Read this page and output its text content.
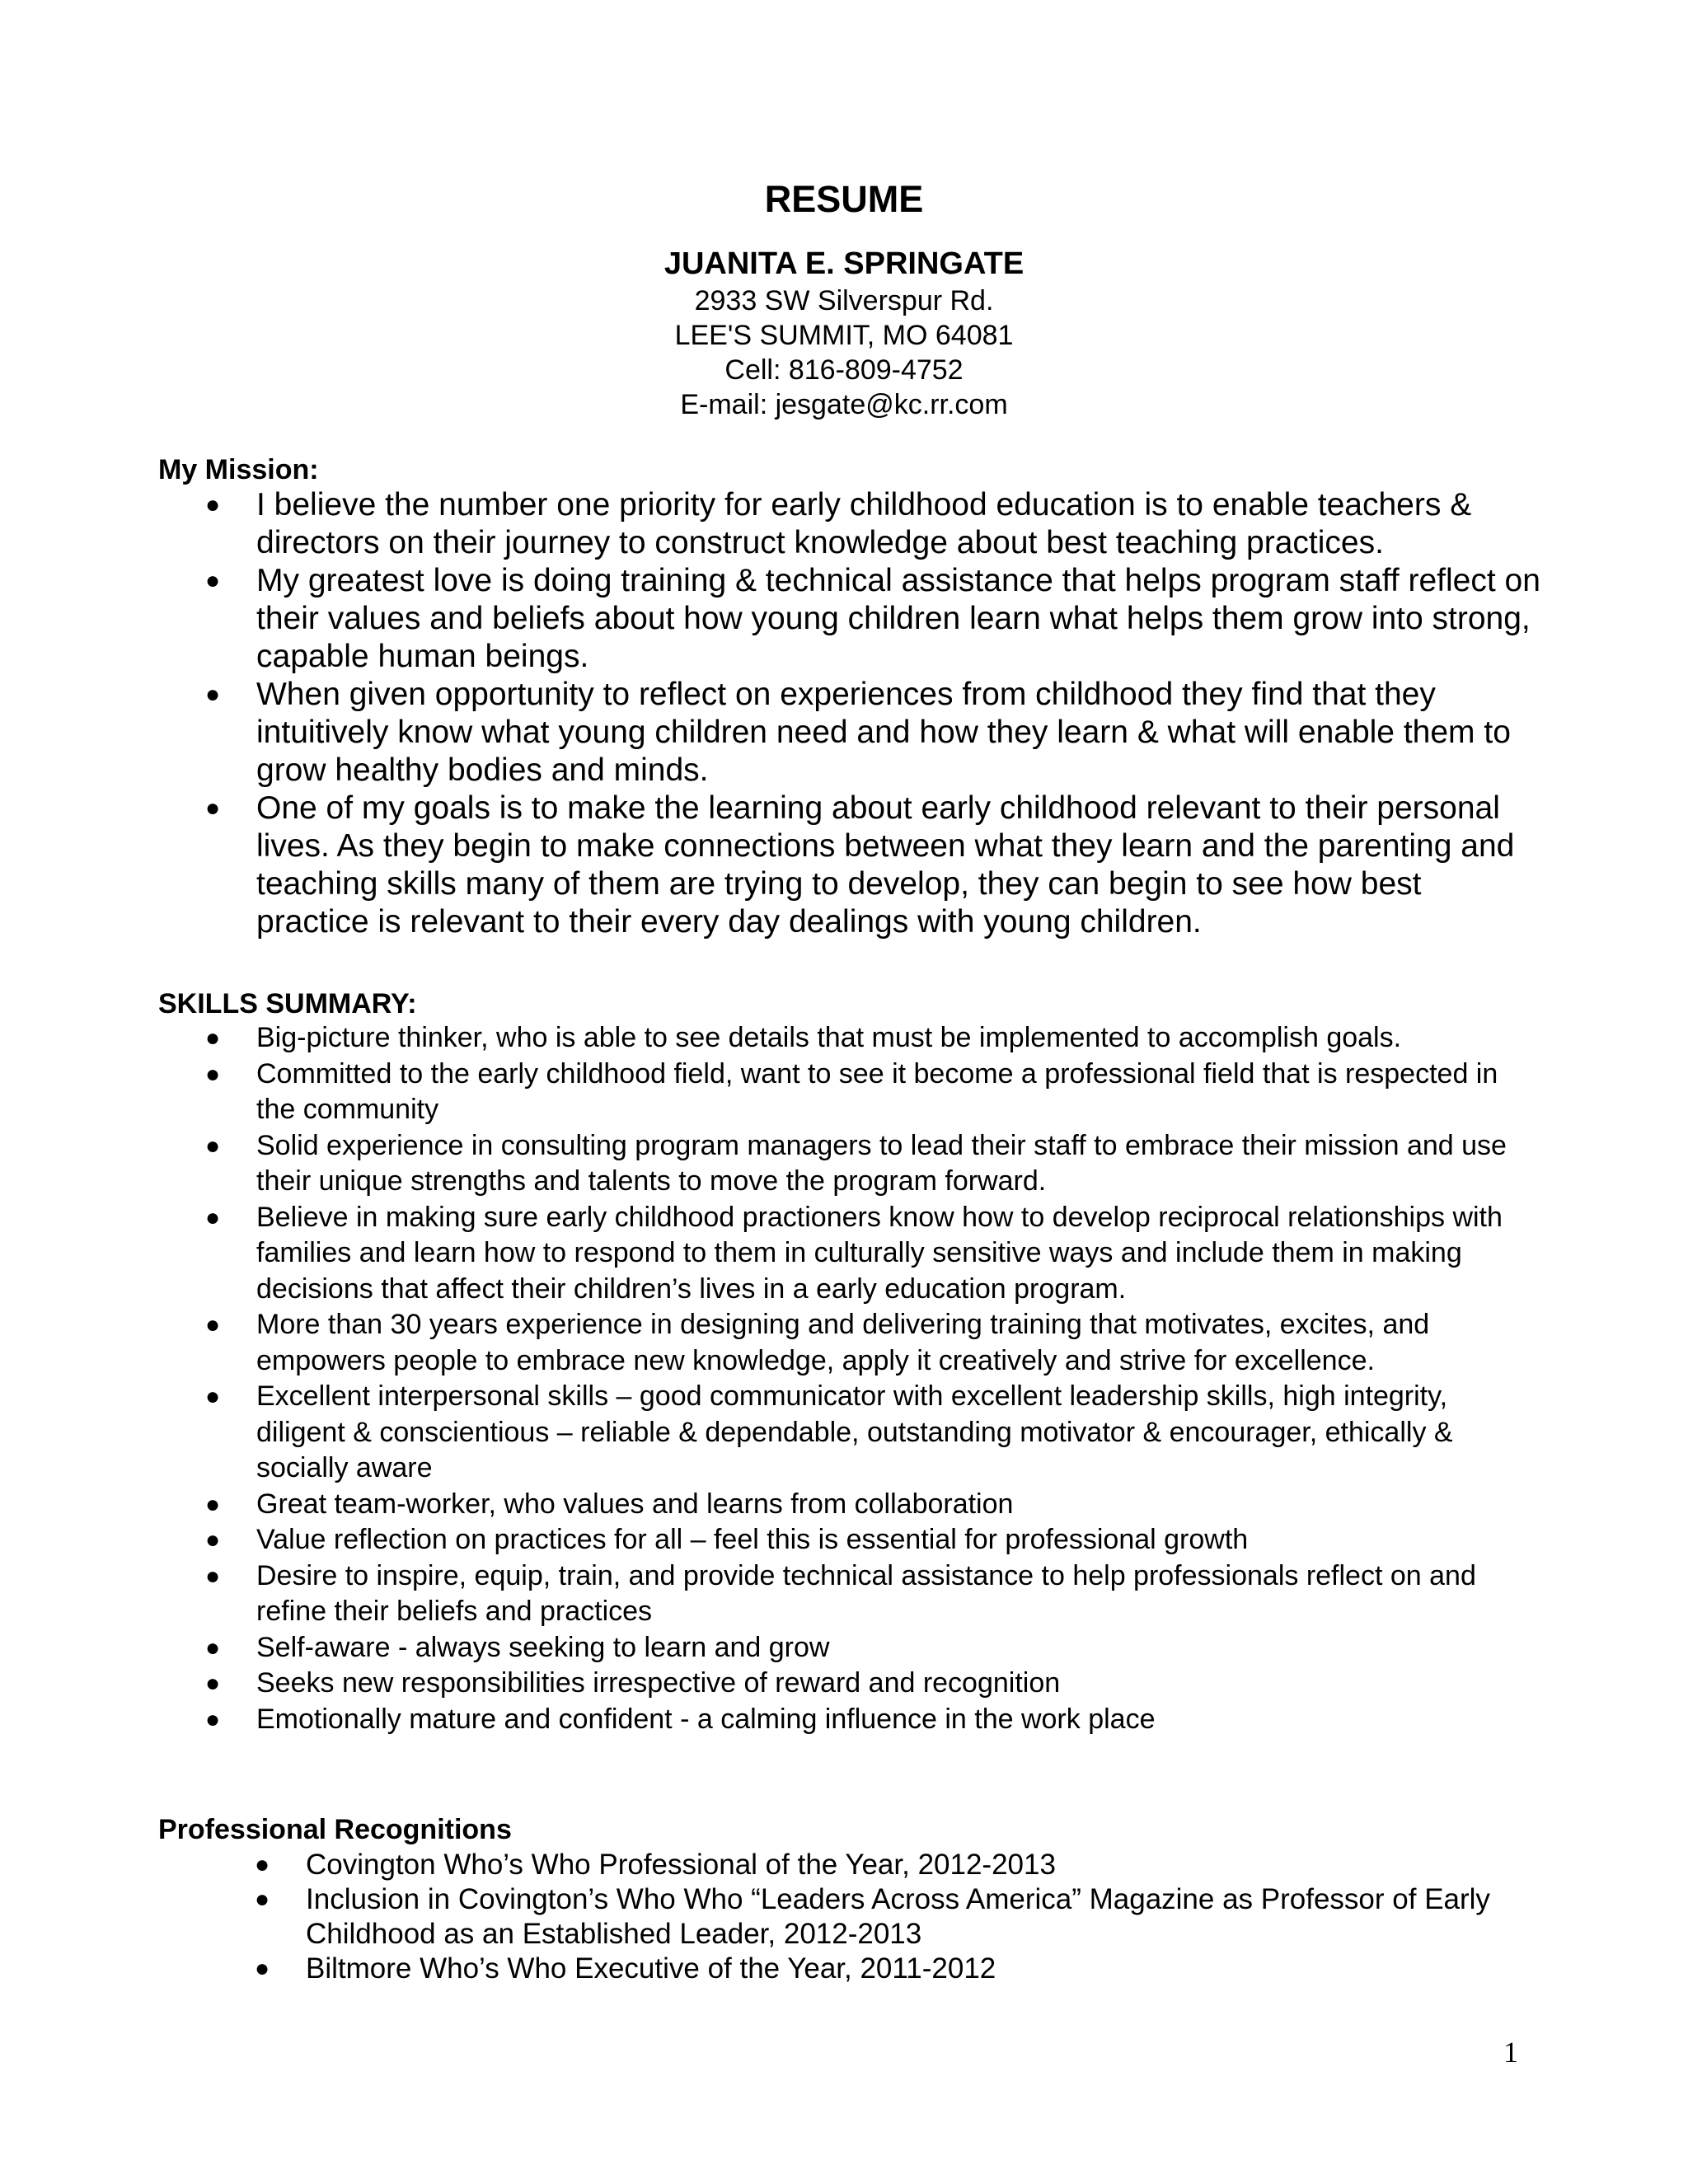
RESUME
JUANITA E. SPRINGATE
2933 SW Silverspur Rd.
LEE'S SUMMIT, MO 64081
Cell: 816-809-4752
E-mail: jesgate@kc.rr.com
My Mission:
● I believe the number one priority for early childhood education is to enable teachers & directors on their journey to construct knowledge about best teaching practices.
● My greatest love is doing training & technical assistance that helps program staff reflect on their values and beliefs about how young children learn what helps them grow into strong, capable human beings.
● When given opportunity to reflect on experiences from childhood they find that they intuitively know what young children need and how they learn & what will enable them to grow healthy bodies and minds.
● One of my goals is to make the learning about early childhood relevant to their personal lives. As they begin to make connections between what they learn and the parenting and teaching skills many of them are trying to develop, they can begin to see how best practice is relevant to their every day dealings with young children.
SKILLS SUMMARY:
● Big-picture thinker, who is able to see details that must be implemented to accomplish goals.
● Committed to the early childhood field, want to see it become a professional field that is respected in the community
● Solid experience in consulting program managers to lead their staff to embrace their mission and use their unique strengths and talents to move the program forward.
● Believe in making sure early childhood practioners know how to develop reciprocal relationships with families and learn how to respond to them in culturally sensitive ways and include them in making decisions that affect their children’s lives in a early education program.
● More than 30 years experience in designing and delivering training that motivates, excites, and empowers people to embrace new knowledge, apply it creatively and strive for excellence.
● Excellent interpersonal skills – good communicator with excellent leadership skills, high integrity, diligent & conscientious – reliable & dependable, outstanding motivator & encourager, ethically & socially aware
● Great team-worker, who values and learns from collaboration
● Value reflection on practices for all – feel this is essential for professional growth
● Desire to inspire, equip, train, and provide technical assistance to help professionals reflect on and refine their beliefs and practices
● Self-aware - always seeking to learn and grow
● Seeks new responsibilities irrespective of reward and recognition
● Emotionally mature and confident - a calming influence in the work place
Professional Recognitions
● Covington Who’s Who Professional of the Year, 2012-2013
● Inclusion in Covington’s Who Who “Leaders Across America” Magazine as Professor of Early Childhood as an Established Leader, 2012-2013
● Biltmore Who’s Who Executive of the Year, 2011-2012
1
